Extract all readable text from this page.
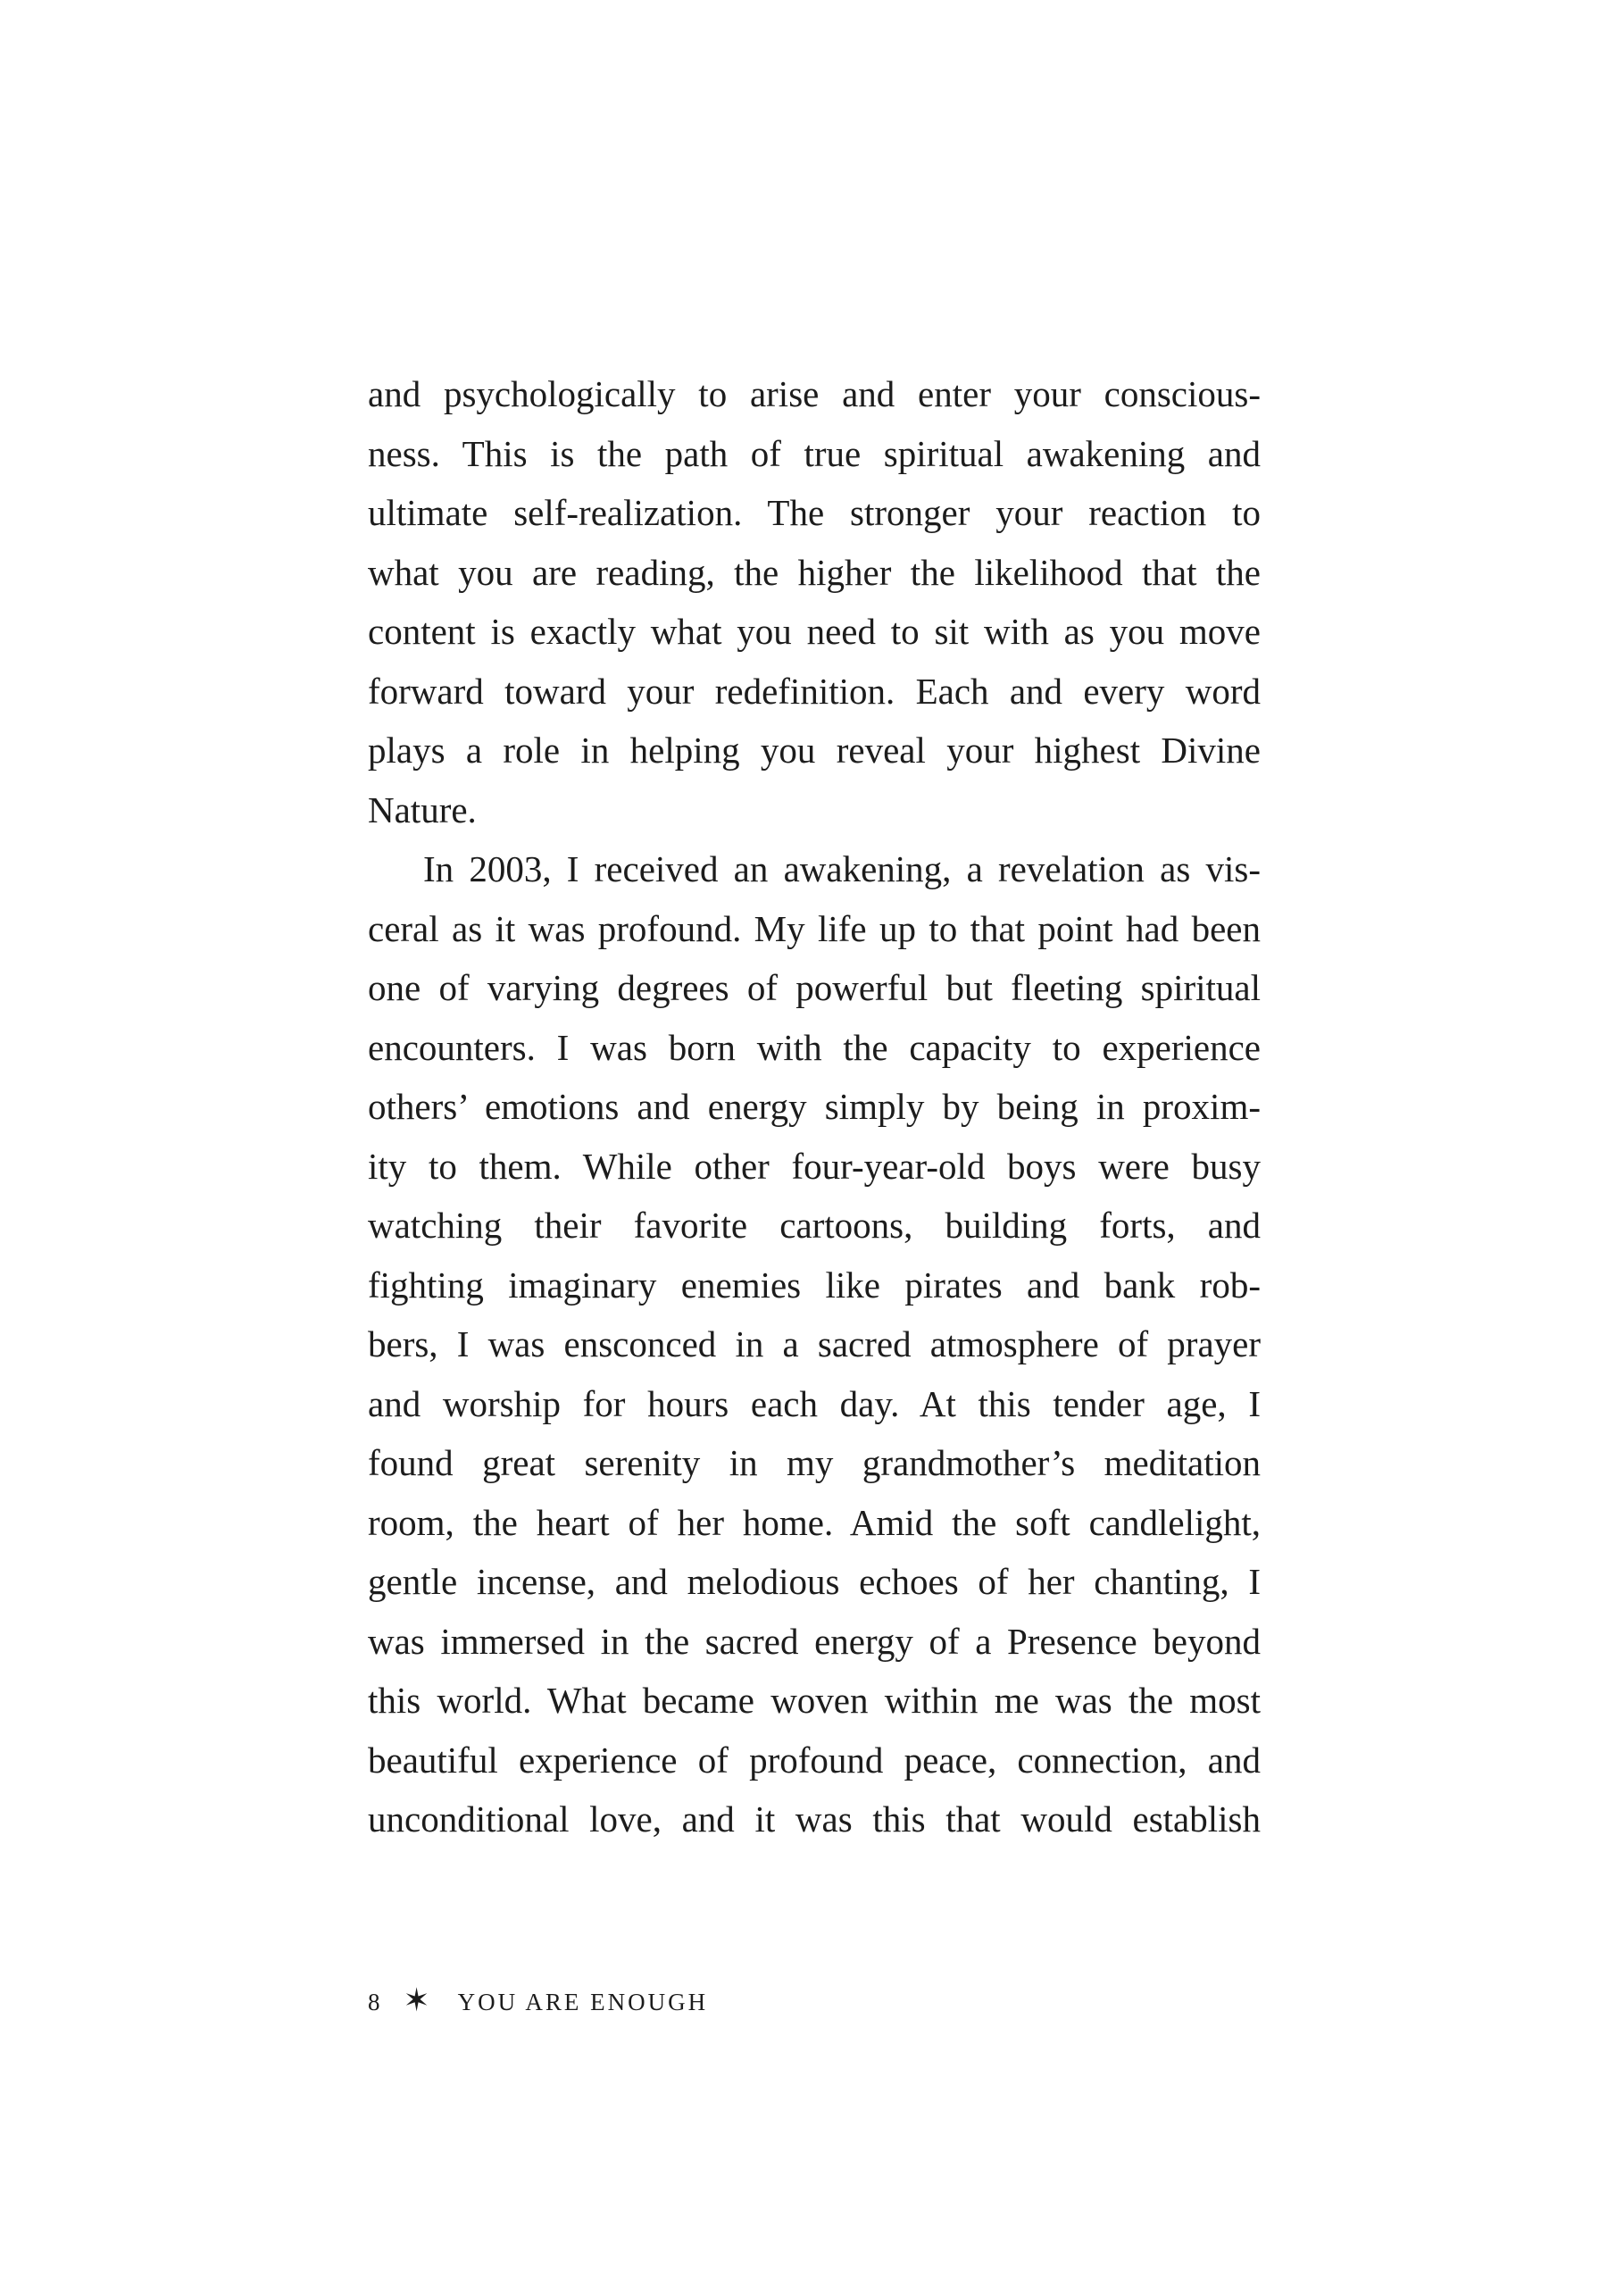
and psychologically to arise and enter your conscious-
ness. This is the path of true spiritual awakening and
ultimate self-realization. The stronger your reaction to
what you are reading, the higher the likelihood that the
content is exactly what you need to sit with as you move
forward toward your redefinition. Each and every word
plays a role in helping you reveal your highest Divine
Nature.
In 2003, I received an awakening, a revelation as vis-
ceral as it was profound. My life up to that point had been
one of varying degrees of powerful but fleeting spiritual
encounters. I was born with the capacity to experience
others’ emotions and energy simply by being in proxim-
ity to them. While other four-year-old boys were busy
watching their favorite cartoons, building forts, and
fighting imaginary enemies like pirates and bank rob-
bers, I was ensconced in a sacred atmosphere of prayer
and worship for hours each day. At this tender age, I
found great serenity in my grandmother’s meditation
room, the heart of her home. Amid the soft candlelight,
gentle incense, and melodious echoes of her chanting, I
was immersed in the sacred energy of a Presence beyond
this world. What became woven within me was the most
beautiful experience of profound peace, connection, and
unconditional love, and it was this that would establish
8 ✶ YOU ARE ENOUGH
